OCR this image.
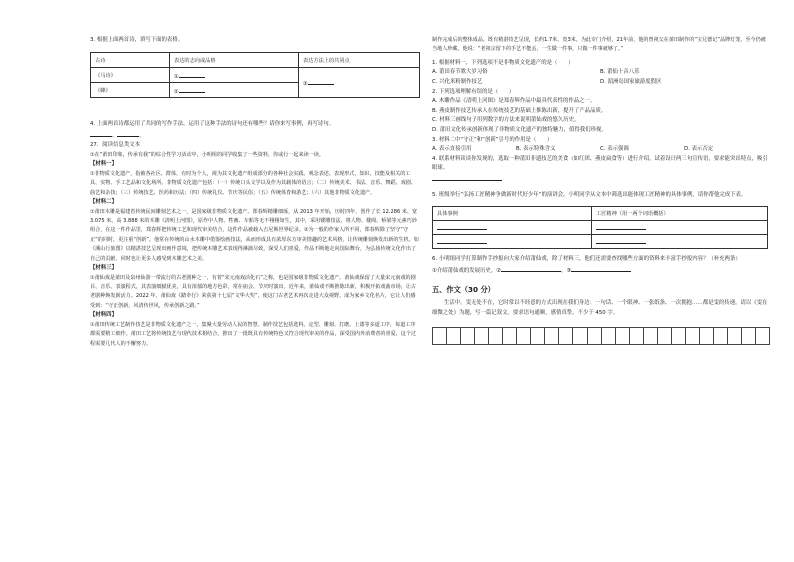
3. 根据上面两首诗，填写下面的表格。

古诗	表达的志向或品格	表达方法上的共同点
《马诗》	①	③
《蜂》	②	

4. 上面两首诗都运用了共同的写作手法，运用了这种手法的诗句还有哪些？请你来写事例，再写诗句。

、	。

27．阅读信息类文本

①在“莆田印象，传承有我”的综合性学习活动中，小明组的同学收集了一些资料，你或行一起来读一读。

【材料一】

①非物质文化遗产，指被各社区、群体，有时为个人，视为其文化遗产组成部分的各种社会实践、观念表述、表现形式、知识、技能及相关的工具、实物、手工艺品和文化场所。非物质文化遗产包括：（一）传统口头文学以及作为其载体的语言；（二）传统美术、书法、音乐、舞蹈、戏剧、曲艺和杂技；（三）传统技艺、医药和历法；（四）传统礼仪、节庆等民俗；（五）传统体育和游艺；（六）其他非物质文化遗产。

【材料二】

①莆田木雕是福建省传统民间雕刻艺术之一，是国家级非物质文化遗产。郑春辉精雕细琢，从 2013 年开始，历时四年，创作了长 12.286 米、宽 3.075 米、高 3.888 米的木雕《清明上河图》，原作中人物、牲畜、车船等无不栩栩如生，其中，采用镂雕技法，将人物、楼阁、桥梁等元素巧妙组合，在这一件作品里，郑春辉把传统工艺和现代审美结合，这件作品被载入吉尼斯世界纪录。②为一般的作家人所不同，郑春辉除了坚守“守正”的同时，更注重“创新”。他常在传统的山水木雕中借鉴绘画技法，从而形成具有浓厚东方审美情趣的艺术风格，让传统雕刻焕发出新的生机。如《溪山行旅图》以精湛技艺呈现出画作意境，把传统木雕艺术表现得淋漓尽致，深受人们喜爱，作品不断地走向国际舞台，为弘扬传统文化作出了自己的贡献，同时也让更多人感受到木雕艺术之美。

【材料三】

①莆仙戏是莆田及泉州仙游一带流行的古老剧种之一，有着“宋元南戏活化石”之称，也是国家级非物质文化遗产。莆仙戏保留了大量宋元南戏的剧目、音乐、表演程式，其表演细腻优美，具有浓郁的地方色彩，常在庙会、节庆时演出。近年来，莆仙戏不断推陈出新，积极开拓戏曲市场，让古老剧种焕发新活力。2022 年，莆仙戏《踏伞行》荣获第十七届“文华大奖”，使这门古老艺术再次走进大众视野。成为家乡文化名片，它让人们感受到：“守正创新，风清传世风，传承创新之路。”

【材料四】

①莆田传统工艺制作技艺是非物质文化遗产之一，集聚大量劳动人民的智慧。制作技艺包括选料、定型、雕刻、打磨、上漆等多道工序，每道工序都需要精工细作。莆田工艺将传统技艺与现代技术相结合，推出了一批既具有传统特色又符合现代审美的作品，深受国内外消费者的喜爱，这个过程需要几代人的不懈努力。

制作完成后的整体成品，既有精湛技艺呈现，长约1.7米，宽3米。为此专门介绍，21年前，他的曾祖父在莆田制作的“宝兄德记”品牌灯笼，至今仍被当地人珍藏，他说：“老祖宗留下的手艺不能丢，一生做一件事，只做一件事就够了。”

1. 根据材料一，下列选项不是非物质文化遗产的是（　　）

A. 莆田春节歌大岁习俗	B. 莆仙十音八乐
C. 兴化米粉制作技艺	D. 湄洲岛国家旅游度假区

2. 下列选项理解有误的是（　　）

A. 木雕作品《清明上河图》是郑春辉作品中最具代表性的作品之一。

B. 燕皮制作技艺传承人在传统技艺的基础上推陈出新，提升了产品品质。

C. 材料三画线句子用列数字的方法来说明莆仙戏的悠久历史。

D. 莆田文化传承创新体现了非物质文化遗产的独特魅力，值得我们珍视。

3. 材料二中“守正”和“创新”引号的作用是（　　）

A. 表示直接引用	B. 表示特殊含义	C. 表示强调	D. 表示否定

4. 联系材料谈谈你发现的，选取一种莆田非遗技艺的美食（如红团、燕皮扁食等）进行介绍，试着设计两三句宣传语，要求能突出特点，吸引眼球。

5. 班级举行“弘扬工匠精神争做新时代好少年”的演讲会，小明同学从文本中筛选出能体现工匠精神的具体事例，请你帮他完成下表。

具体事例	工匠精神（用一两个词语概括）

6. 小明组同学打算制作手抄报向大家介绍莆仙戏，除了材料三，他们还需要查找哪些方面的资料来丰富手抄报内容？（补充两条）

①介绍莆仙戏的发展历史。②	。③

五、作文（30 分）

生活中，雯无处不在，它时常以不经意的方式出现在我们身边：一句话、一个眼神、一张纸条、一次拥抱……都是雯的传递。请以《雯在细微之处》为题，写一篇记叙文。要求语句通顺，感情真挚，不少于 450 字。
